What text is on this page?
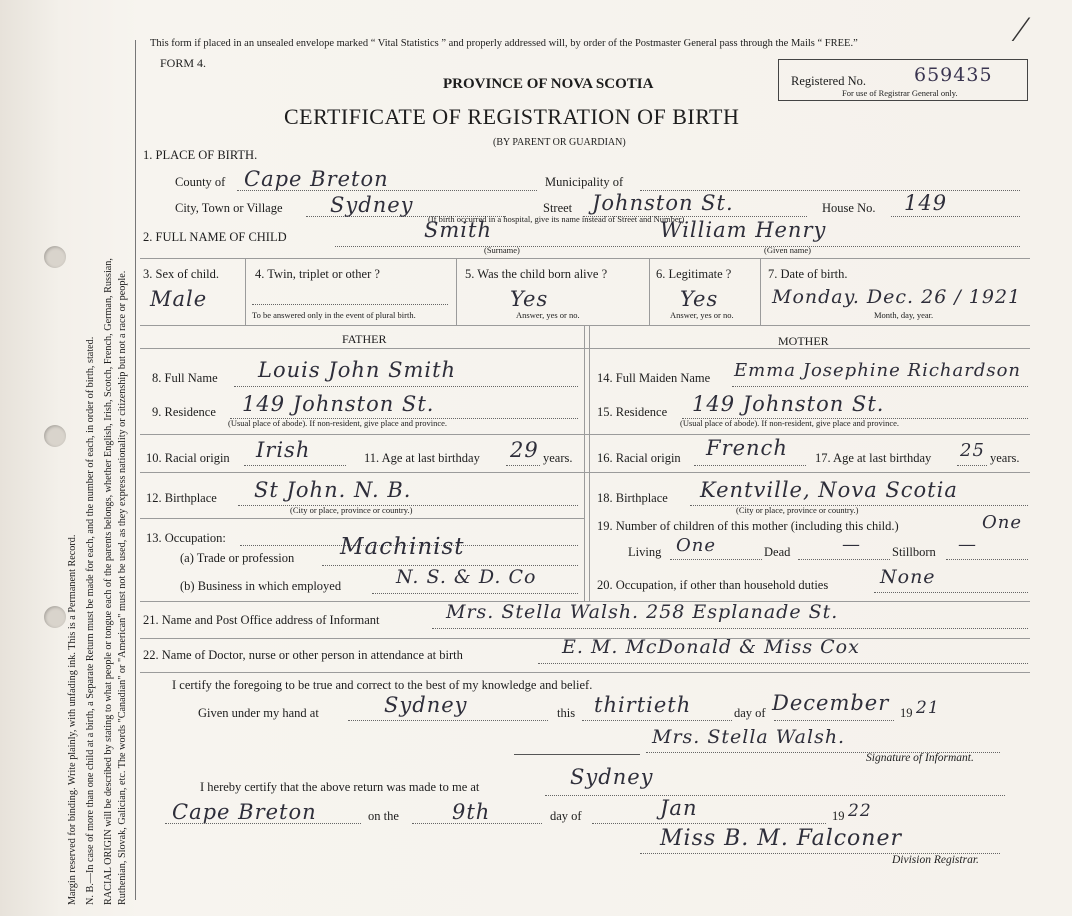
Margin reserved for binding. Write plainly, with unfading ink. This is a Permanent Record. N. B.—In case of more than one child at a birth, a Separate Return must be made for each, and the number of each, in order of birth, stated. RACIAL ORIGIN will be described by stating to what people or tongue each of the parents belongs, whether English, Irish, Scotch, French, German, Russian, Ruthenian, Slovak, Galician, etc. The words "Canadian" or "American" must not be used, as they express nationality or citizenship but not a race or people.
This form if placed in an unsealed envelope marked “ Vital Statistics ” and properly addressed will, by order of the Postmaster General pass through the Mails “ FREE.”
FORM 4.
PROVINCE OF NOVA SCOTIA
CERTIFICATE OF REGISTRATION OF BIRTH
(BY PARENT OR GUARDIAN)
Registered No.	659435
For use of Registrar General only.
⁄
1. PLACE OF BIRTH.
County of Cape Breton	Municipality of
City, Town or Village Sydney	Street Johnston St.	House No. 149
(If birth occurred in a hospital, give its name instead of Street and Number)
2. FULL NAME OF CHILD	Smith
(Surname)
William Henry
(Given name)
3. Sex of child.
Male
4. Twin, triplet or other ?
To be answered only in the event of plural birth.
5. Was the child born alive ?
Yes
Answer, yes or no.
6. Legitimate ?
Yes
Answer, yes or no.
7. Date of birth.
Monday. Dec. 26 / 1921
Month, day, year.
FATHER	MOTHER
8. Full Name Louis John Smith
9. Residence 149 Johnston St.
(Usual place of abode). If non-resident, give place and province.
10. Racial origin Irish	11. Age at last birthday 29 years.
12. Birthplace St John. N. B.
(City or place, province or country.)
13. Occupation:
(a) Trade or profession Machinist
(b) Business in which employed	N. S. & D. Co
14. Full Maiden Name Emma Josephine Richardson
15. Residence 149 Johnston St.
(Usual place of abode). If non-resident, give place and province.
16. Racial origin French 17. Age at last birthday 25 years.
18. Birthplace Kentville, Nova Scotia
(City or place, province or country.)
19. Number of children of this mother (including this child.)	One
Living One	Dead	— Stillborn —
20. Occupation, if other than household duties	None
21. Name and Post Office address of Informant	Mrs. Stella Walsh. 258 Esplanade St.
22. Name of Doctor, nurse or other person in attendance at birth	E. M. McDonald & Miss Cox
I certify the foregoing to be true and correct to the best of my knowledge and belief.
Given under my hand at	Sydney	this thirtieth	day of December 19 21
Mrs. Stella Walsh.
Signature of Informant.
I hereby certify that the above return was made to me at	Sydney
Cape Breton	on the	9th	day of	Jan	19 22
Miss B. M. Falconer
Division Registrar.
